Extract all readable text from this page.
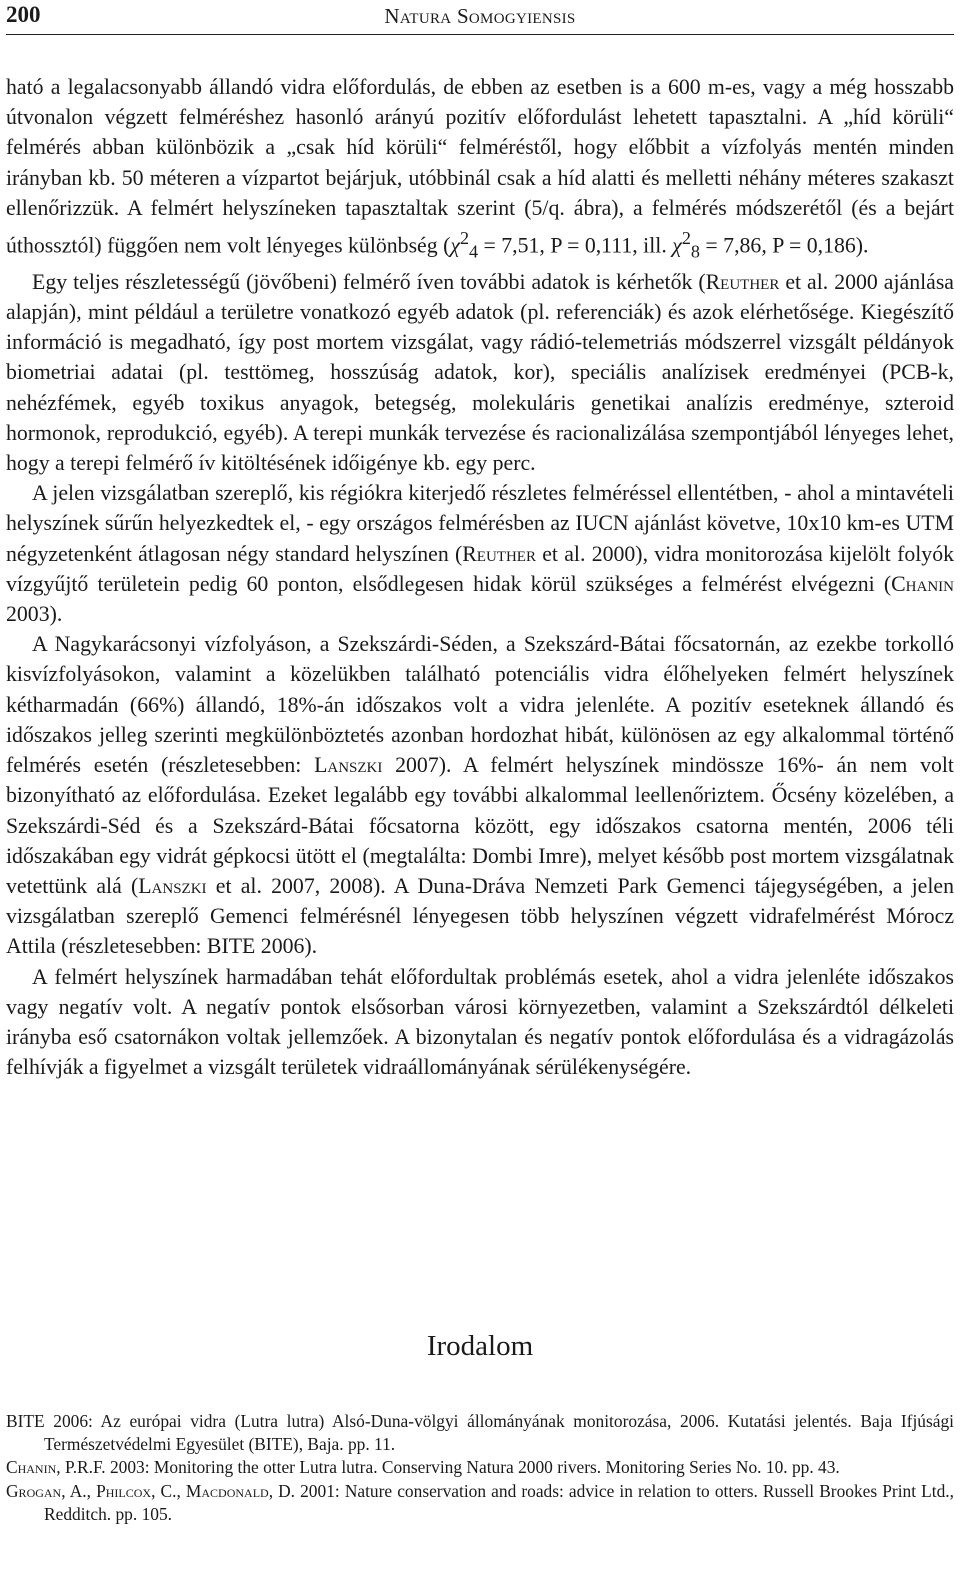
200	Natura Somogyiensis

ható a legalacsonyabb állandó vidra előfordulás, de ebben az esetben is a 600 m-es, vagy a még hosszabb útvonalon végzett felméréshez hasonló arányú pozitív előfordulást lehetett tapasztalni. A „híd körüli“ felmérés abban különbözik a „csak híd körüli“ felméréstől, hogy előbbit a vízfolyás mentén minden irányban kb. 50 méteren a vízpartot bejárjuk, utóbbinál csak a híd alatti és melletti néhány méteres szakaszt ellenőrizzük. A felmért helyszíneken tapasztaltak szerint (5/q. ábra), a felmérés módszerétől (és a bejárt úthossztól) függően nem volt lényeges különbség ($\chi^2_4 = 7,51$, P = 0,111, ill. $\chi^2_8 = 7,86$, P = 0,186).

Egy teljes részletességű (jövőbeni) felmérő íven további adatok is kérhetők (Reuther et al. 2000 ajánlása alapján), mint például a területre vonatkozó egyéb adatok (pl. referenciák) és azok elérhetősége. Kiegészítő információ is megadható, így post mortem vizsgálat, vagy rádió-telemetriás módszerrel vizsgált példányok biometriai adatai (pl. testtömeg, hosszúság adatok, kor), speciális analízisek eredményei (PCB-k, nehézfémek, egyéb toxikus anyagok, betegség, molekuláris genetikai analízis eredménye, szteroid hormonok, reprodukció, egyéb). A terepi munkák tervezése és racionalizálása szempontjából lényeges lehet, hogy a terepi felmérő ív kitöltésének időigénye kb. egy perc.

A jelen vizsgálatban szereplő, kis régiókra kiterjedő részletes felméréssel ellentétben, - ahol a mintavételi helyszínek sűrűn helyezkedtek el, - egy országos felmérésben az IUCN ajánlást követve, 10x10 km-es UTM négyzetenként átlagosan négy standard helyszínen (Reuther et al. 2000), vidra monitorozása kijelölt folyók vízgyűjtő területein pedig 60 ponton, elsődlegesen hidak körül szükséges a felmérést elvégezni (Chanin 2003).

A Nagykarácsonyi vízfolyáson, a Szekszárdi-Séden, a Szekszárd-Bátai főcsatornán, az ezekbe torkolló kisvízfolyásokon, valamint a közelükben található potenciális vidra élőhelyeken felmért helyszínek kétharmadán (66%) állandó, 18%-án időszakos volt a vidra jelenléte. A pozitív eseteknek állandó és időszakos jelleg szerinti megkülönböztetés azonban hordozhat hibát, különösen az egy alkalommal történő felmérés esetén (részletesebben: Lanszki 2007). A felmért helyszínek mindössze 16%- án nem volt bizonyítható az előfordulása. Ezeket legalább egy további alkalommal leellenőriztem. Őcsény közelében, a Szekszárdi-Séd és a Szekszárd-Bátai főcsatorna között, egy időszakos csatorna mentén, 2006 téli időszakában egy vidrát gépkocsi ütött el (megtalálta: Dombi Imre), melyet később post mortem vizsgálatnak vetettünk alá (Lanszki et al. 2007, 2008). A Duna-Dráva Nemzeti Park Gemenci tájegységében, a jelen vizsgálatban szereplő Gemenci felmérésnél lényegesen több helyszínen végzett vidrafelmérést Mórocz Attila (részletesebben: BITE 2006).

A felmért helyszínek harmadában tehát előfordultak problémás esetek, ahol a vidra jelenléte időszakos vagy negatív volt. A negatív pontok elsősorban városi környezetben, valamint a Szekszárdtól délkeleti irányba eső csatornákon voltak jellemzőek. A bizonytalan és negatív pontok előfordulása és a vidragázolás felhívják a figyelmet a vizsgált területek vidraállományának sérülékenységére.

Irodalom

BITE 2006: Az európai vidra (Lutra lutra) Alsó-Duna-völgyi állományának monitorozása, 2006. Kutatási jelentés. Baja Ifjúsági Természetvédelmi Egyesület (BITE), Baja. pp. 11.

Chanin, P.R.F. 2003: Monitoring the otter Lutra lutra. Conserving Natura 2000 rivers. Monitoring Series No. 10. pp. 43.

Grogan, A., Philcox, C., Macdonald, D. 2001: Nature conservation and roads: advice in relation to otters. Russell Brookes Print Ltd., Redditch. pp. 105.
